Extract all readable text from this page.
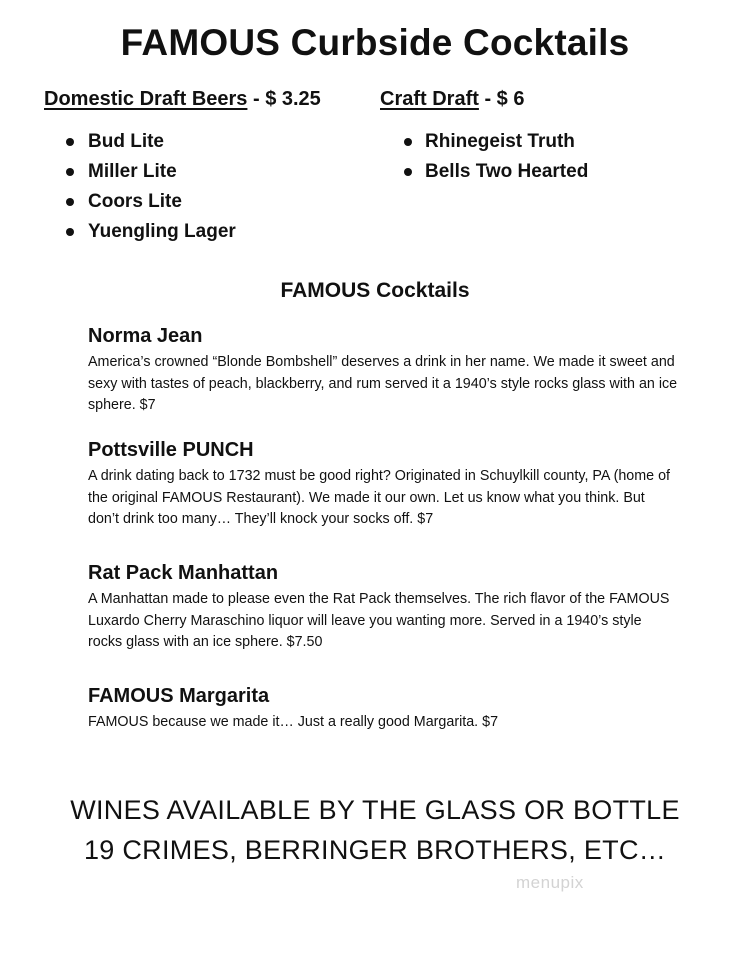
FAMOUS Curbside Cocktails
Domestic Draft Beers - $ 3.25
Bud Lite
Miller Lite
Coors Lite
Yuengling Lager
Craft Draft - $ 6
Rhinegeist Truth
Bells Two Hearted
FAMOUS Cocktails
Norma Jean
America’s crowned “Blonde Bombshell” deserves a drink in her name. We made it sweet and sexy with tastes of peach, blackberry, and rum served it a 1940’s style rocks glass with an ice sphere. $7
Pottsville PUNCH
A drink dating back to 1732 must be good right? Originated in Schuylkill county, PA (home of the original FAMOUS Restaurant). We made it our own. Let us know what you think. But don’t drink too many… They’ll knock your socks off. $7
Rat Pack Manhattan
A Manhattan made to please even the Rat Pack themselves. The rich flavor of the FAMOUS Luxardo Cherry Maraschino liquor will leave you wanting more. Served in a 1940’s style rocks glass with an ice sphere. $7.50
FAMOUS Margarita
FAMOUS because we made it… Just a really good Margarita. $7
WINES AVAILABLE BY THE GLASS OR BOTTLE
19 CRIMES, BERRINGER BROTHERS, ETC…
menupix
